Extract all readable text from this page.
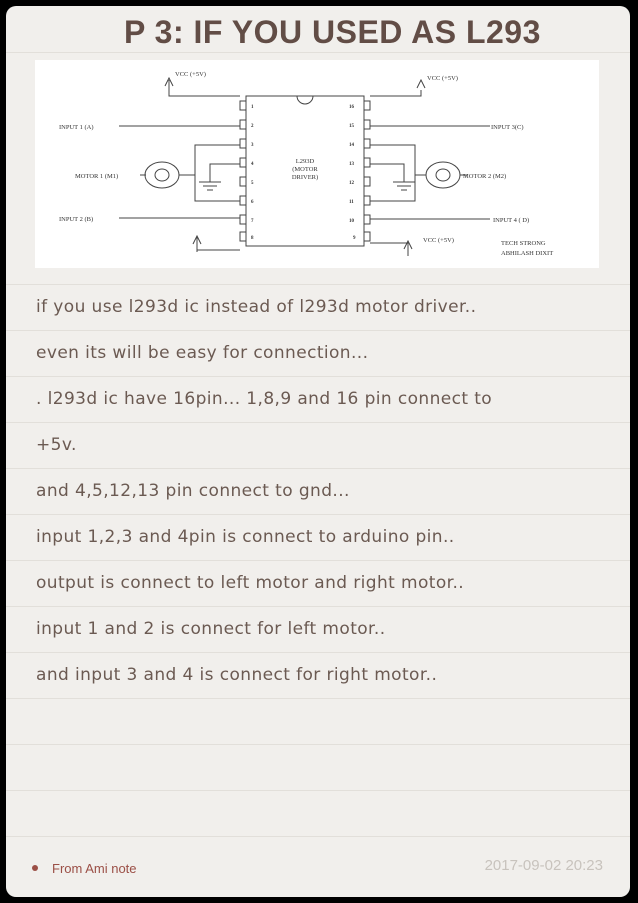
P 3: IF YOU USED AS L293
VCC (+5V)
VCC (+5V)
INPUT 1 (A)
INPUT 2 (B)
INPUT 3(C)
INPUT 4 ( D)
MOTOR 1 (M1)	MOTOR 2 (M2)
VCC (+5V)	TECH STRONG
ABHILASH DIXIT
L293D
(MOTOR
DRIVER)
1
2
3
4
5
6
7
8
16
15
14
13
12
11
10
9
if you use l293d ic instead of l293d motor driver..
even its will be easy for connection...
. l293d ic have 16pin... 1,8,9 and 16 pin connect to
+5v.
and 4,5,12,13 pin connect to gnd...
input 1,2,3 and 4pin is connect to arduino pin..
output is connect to left motor and right motor..
input 1 and 2 is connect for left motor..
and input 3 and 4 is connect for right motor..
From Ami note	2017-09-02 20:23
